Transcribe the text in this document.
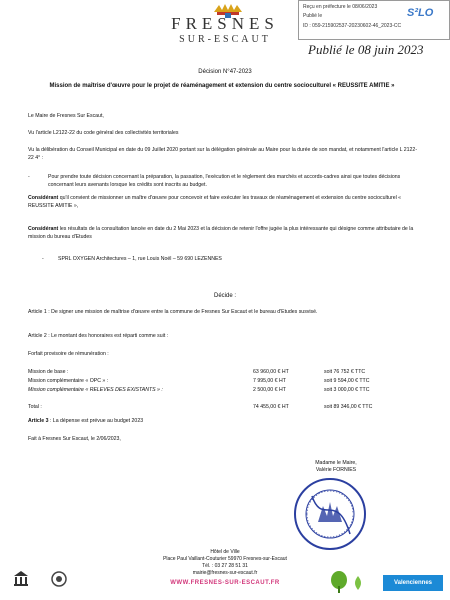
FRESNES
SUR-ESCAUT
Reçu en préfecture le 08/06/2023
Publié le
ID : 059-215902537-20230602-46_2023-CC
S²LO
Publié le 08 juin 2023
Décision N°47-2023
Mission de maîtrise d'œuvre pour le projet de réaménagement et extension du centre socioculturel « REUSSITE AMITIE »
Le Maire de Fresnes Sur Escaut,
Vu l'article L2122-22 du code général des collectivités territoriales
Vu la délibération du Conseil Municipal en date du 09 Juillet 2020 portant sur la délégation générale au Maire pour la durée de son mandat, et notamment l'article L 2122-22 4° :
-	Pour prendre toute décision concernant la préparation, la passation, l'exécution et le règlement des marchés et accords-cadres ainsi que toutes décisions concernant leurs avenants lorsque les crédits sont inscrits au budget.
Considérant qu'il convient de missionner un maître d'œuvre pour concevoir et faire exécuter les travaux de réaménagement et extension du centre socioculturel « REUSSITE AMITIE »,
Considérant les résultats de la consultation lancée en date du 2 Mai 2023 et la décision de retenir l'offre jugée la plus intéressante qui désigne comme attributaire de la mission du bureau d'Etudes
-	SPRL OXYGEN Architectures – 1, rue Louis Noël – 59 690 LEZENNES
Décide :
Article 1 : De signer une mission de maîtrise d'œuvre entre la commune de Fresnes Sur Escaut et le bureau d'Etudes susvisé.
Article 2 : Le montant des honoraires est réparti comme suit :
Forfait provisoire de rémunération :
Mission de base :	63 960,00 € HT	soit 76 752 € TTC
Mission complémentaire « OPC » :	7 995,00 € HT	soit 9 594,00 € TTC
Mission complémentaire « RELEVES DES EXISTANTS » :	2 500,00 € HT	soit 3 000,00 € TTC
Total :	74 455,00 € HT	soit 89 346,00 € TTC
Article 3 : La dépense est prévue au budget 2023
Fait à Fresnes Sur Escaut, le 2/06/2023,
Madame le Maire,
Valérie FORNIES
Hôtel de Ville
Place Paul Vaillant-Couturier 59970 Fresnes-sur-Escaut
Tél. : 03 27 28 51 31
mairie@fresnes-sur-escaut.fr
WWW.FRESNES-SUR-ESCAUT.FR	Valenciennes
